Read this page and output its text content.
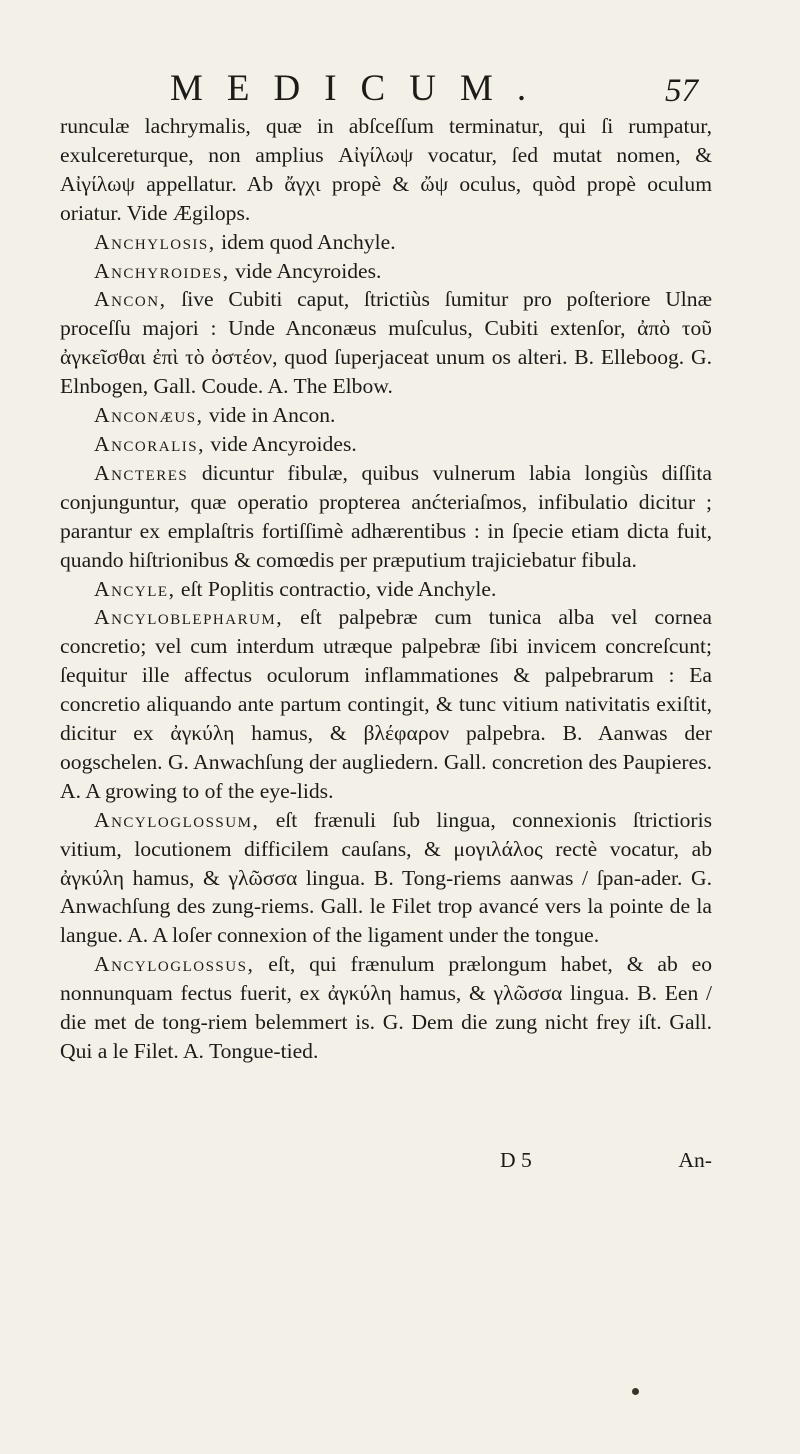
MEDICUM.	57

runculæ lachrymalis, quæ in abſceſſum terminatur, qui ſi rumpatur, exulcereturque, non amplius Αἰγίλωψ vocatur, ſed mutat nomen, & Αἰγίλωψ appellatur. Ab ἄγχι propè & ὤψ oculus, quòd propè oculum oriatur. Vide Ægilops.

Anchylosis, idem quod Anchyle.

Anchyroides, vide Ancyroides.

Ancon, ſive Cubiti caput, ſtrictiùs ſumitur pro poſteriore Ulnæ proceſſu majori : Unde Anconæus muſculus, Cubiti extenſor, ἀπὸ τοῦ ἀγκεῖσθαι ἐπὶ τὸ ὀστέον, quod ſuperjaceat unum os alteri. B. Elleboog. G. Elnbogen, Gall. Coude. A. The Elbow.

Anconæus, vide in Ancon.

Ancoralis, vide Ancyroides.

Ancteres dicuntur fibulæ, quibus vulnerum labia longiùs diſſita conjunguntur, quæ operatio propterea anćteriaſmos, infibulatio dicitur ; parantur ex emplaſtris fortiſſimè adhærentibus : in ſpecie etiam dicta fuit, quando hiſtrionibus & comœdis per præputium trajiciebatur fibula.

Ancyle, eſt Poplitis contractio, vide Anchyle.

Ancyloblepharum, eſt palpebræ cum tunica alba vel cornea concretio; vel cum interdum utræque palpebræ ſibi invicem concreſcunt; ſequitur ille affectus oculorum inflammationes & palpebrarum : Ea concretio aliquando ante partum contingit, & tunc vitium nativitatis exiſtit, dicitur ex ἀγκύλη hamus, & βλέφαρον palpebra. B. Aanwas der oogschelen. G. Anwachſung der augliedern. Gall. concretion des Paupieres. A. A growing to of the eye-lids.

Ancyloglossum, eſt frænuli ſub lingua, connexionis ſtrictioris vitium, locutionem difficilem cauſans, & μογιλάλος rectè vocatur, ab ἀγκύλη hamus, & γλῶσσα lingua. B. Tong-riems aanwas / ſpan-ader. G. Anwachſung des zung-riems. Gall. le Filet trop avancé vers la pointe de la langue. A. A loſer connexion of the ligament under the tongue.

Ancyloglossus, eſt, qui frænulum prælongum habet, & ab eo nonnunquam fectus fuerit, ex ἀγκύλη hamus, & γλῶσσα lingua. B. Een / die met de tong-riem belemmert is. G. Dem die zung nicht frey iſt. Gall. Qui a le Filet. A. Tongue-tied.

D 5	An-
